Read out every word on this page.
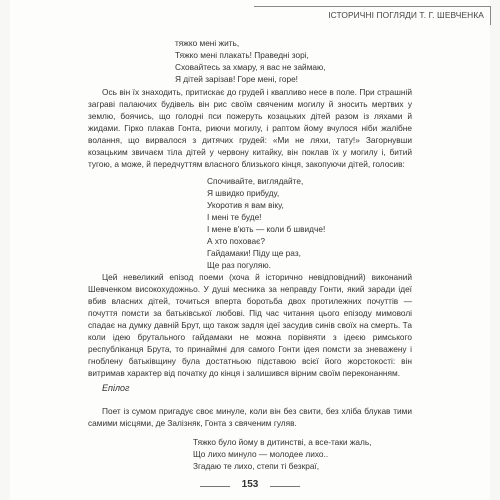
ІСТОРИЧНІ ПОГЛЯДИ Т. Г. ШЕВЧЕНКА
тяжко мені жить,
Тяжко мені плакать! Праведні зорі,
Сховайтесь за хмару, я вас не займаю,
Я дітей зарізав! Горе мені, горе!
Ось він їх знаходить, притискає до грудей і квапливо несе в поле. При страшній заграві палаючих будівель він рис своїм свяченим могилу й зносить мертвих у землю, боячись, що голодні пси пожеруть козацьких дітей разом із ляхами й жидами. Гірко плакав Гонта, риючи могилу, і раптом йому вчулося ніби жалібне волання, що вирвалося з дитячих грудей: «Ми не ляхи, тату!» Загорнувши козацьким звичаєм тіла дітей у червону китайку, він поклав їх у могилу і, битий тугою, а може, й передчуттям власного близького кінця, закопуючи дітей, голосив:
Спочивайте, виглядайте,
Я швидко прибуду,
Укоротив я вам віку,
І мені те буде!
І мене в'ють — коли б швидче!
А хто поховає?
Гайдамаки! Піду ще раз,
Ще раз погуляю.
Цей невеликий епізод поеми (хоча й історично невідповідний) виконаний Шевченком високохудожньо. У душі месника за неправду Гонти, який заради ідеї вбив власних дітей, точиться вперта боротьба двох протилежних почуттів — почуття помсти за батьківської любові. Під час читання цього епізоду мимоволі спадає на думку давній Брут, що також задля ідеї засудив синів своїх на смерть. Та коли ідею брутального гайдамаки не можна порівняти з ідеєю римського республіканця Брута, то принаймні для самого Гонти ідея помсти за зневажену і гноблену батьківщину була достатньою підставою всієї його жорстокості: він витримав характер від початку до кінця і залишився вірним своїм переконанням.
Епілог
Поет із сумом пригадує своє минуле, коли він без свити, без хліба блукав тими самими місцями, де Залізняк, Гонта з свяченим гуляв.
Тяжко було йому в дитинстві, а все-таки жаль,
Що лихо минуло — молодее лихо..
Згадаю те лихо, степи ті безкраї,
153
